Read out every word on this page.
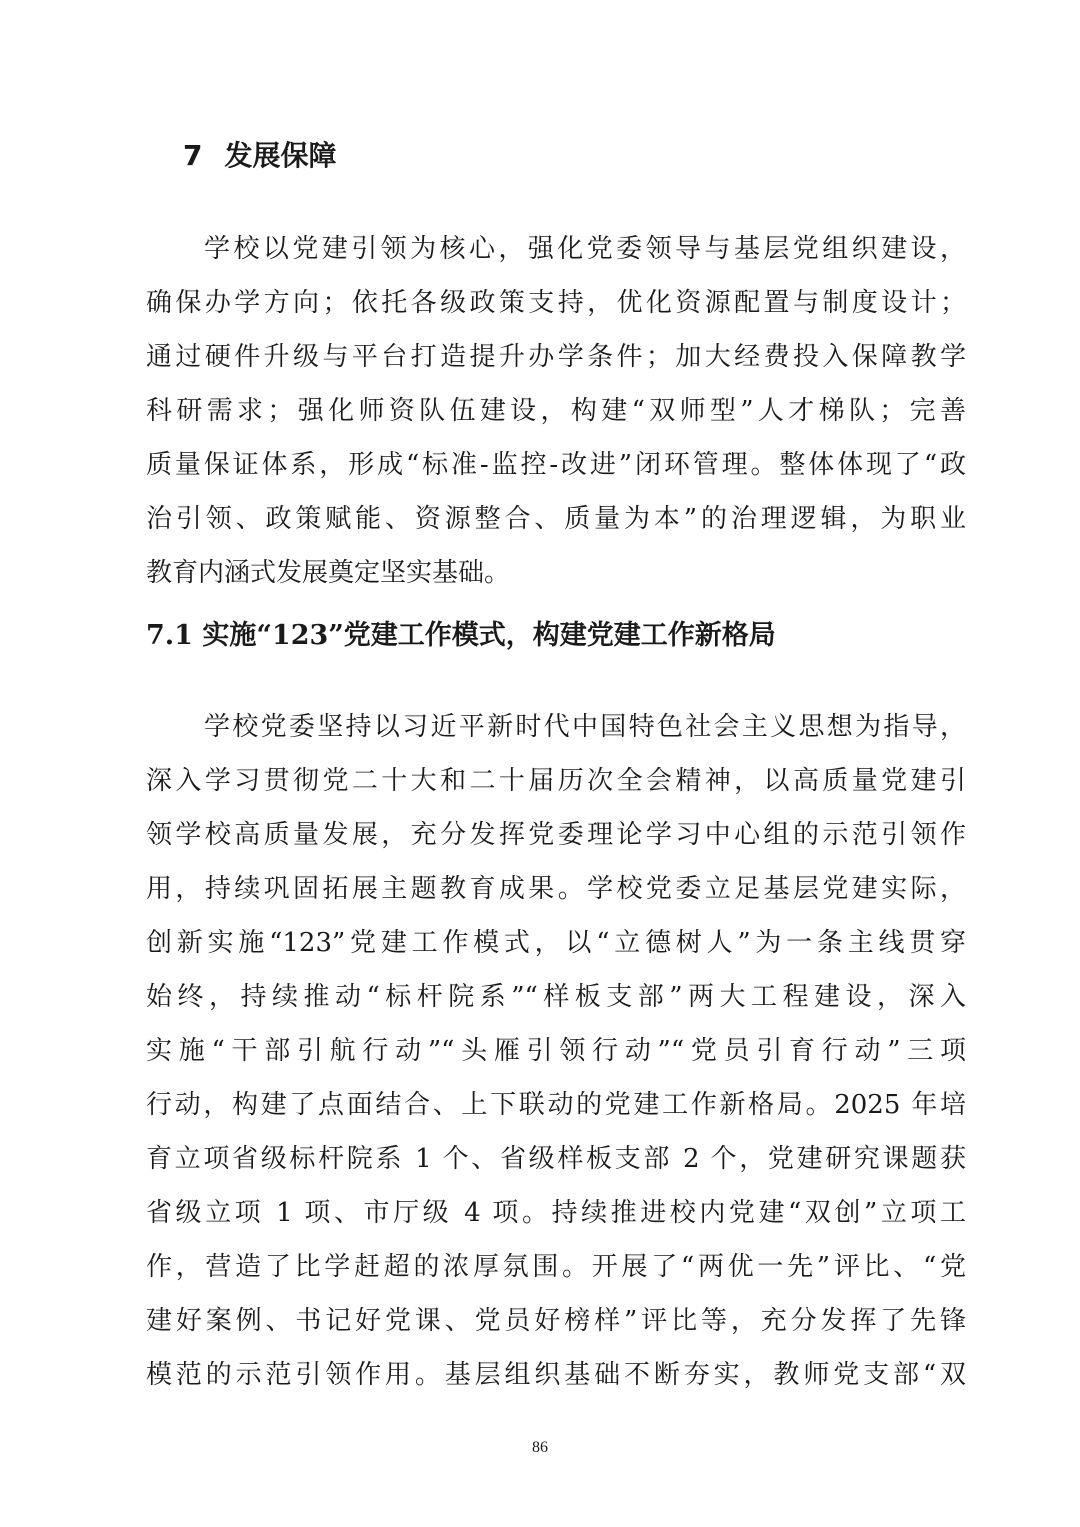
7 发展保障
学校以党建引领为核心，强化党委领导与基层党组织建设，
确保办学方向；依托各级政策支持，优化资源配置与制度设计；
通过硬件升级与平台打造提升办学条件；加大经费投入保障教学
科研需求；强化师资队伍建设，构建“双师型”人才梯队；完善
质量保证体系，形成“标准-监控-改进”闭环管理。整体体现了“政
治引领、政策赋能、资源整合、质量为本”的治理逻辑，为职业
教育内涵式发展奠定坚实基础。
7.1 实施“123”党建工作模式，构建党建工作新格局
学校党委坚持以习近平新时代中国特色社会主义思想为指导，
深入学习贯彻党二十大和二十届历次全会精神，以高质量党建引
领学校高质量发展，充分发挥党委理论学习中心组的示范引领作
用，持续巩固拓展主题教育成果。学校党委立足基层党建实际，
创新实施“123”党建工作模式，以“立德树人”为一条主线贯穿
始终，持续推动“标杆院系”“样板支部”两大工程建设，深入
实施“干部引航行动”“头雁引领行动”“党员引育行动”三项
行动，构建了点面结合、上下联动的党建工作新格局。2025 年培
育立项省级标杆院系 1 个、省级样板支部 2 个，党建研究课题获
省级立项 1 项、市厅级 4 项。持续推进校内党建“双创”立项工
作，营造了比学赶超的浓厚氛围。开展了“两优一先”评比、“党
建好案例、书记好党课、党员好榜样”评比等，充分发挥了先锋
模范的示范引领作用。基层组织基础不断夯实，教师党支部“双
86
